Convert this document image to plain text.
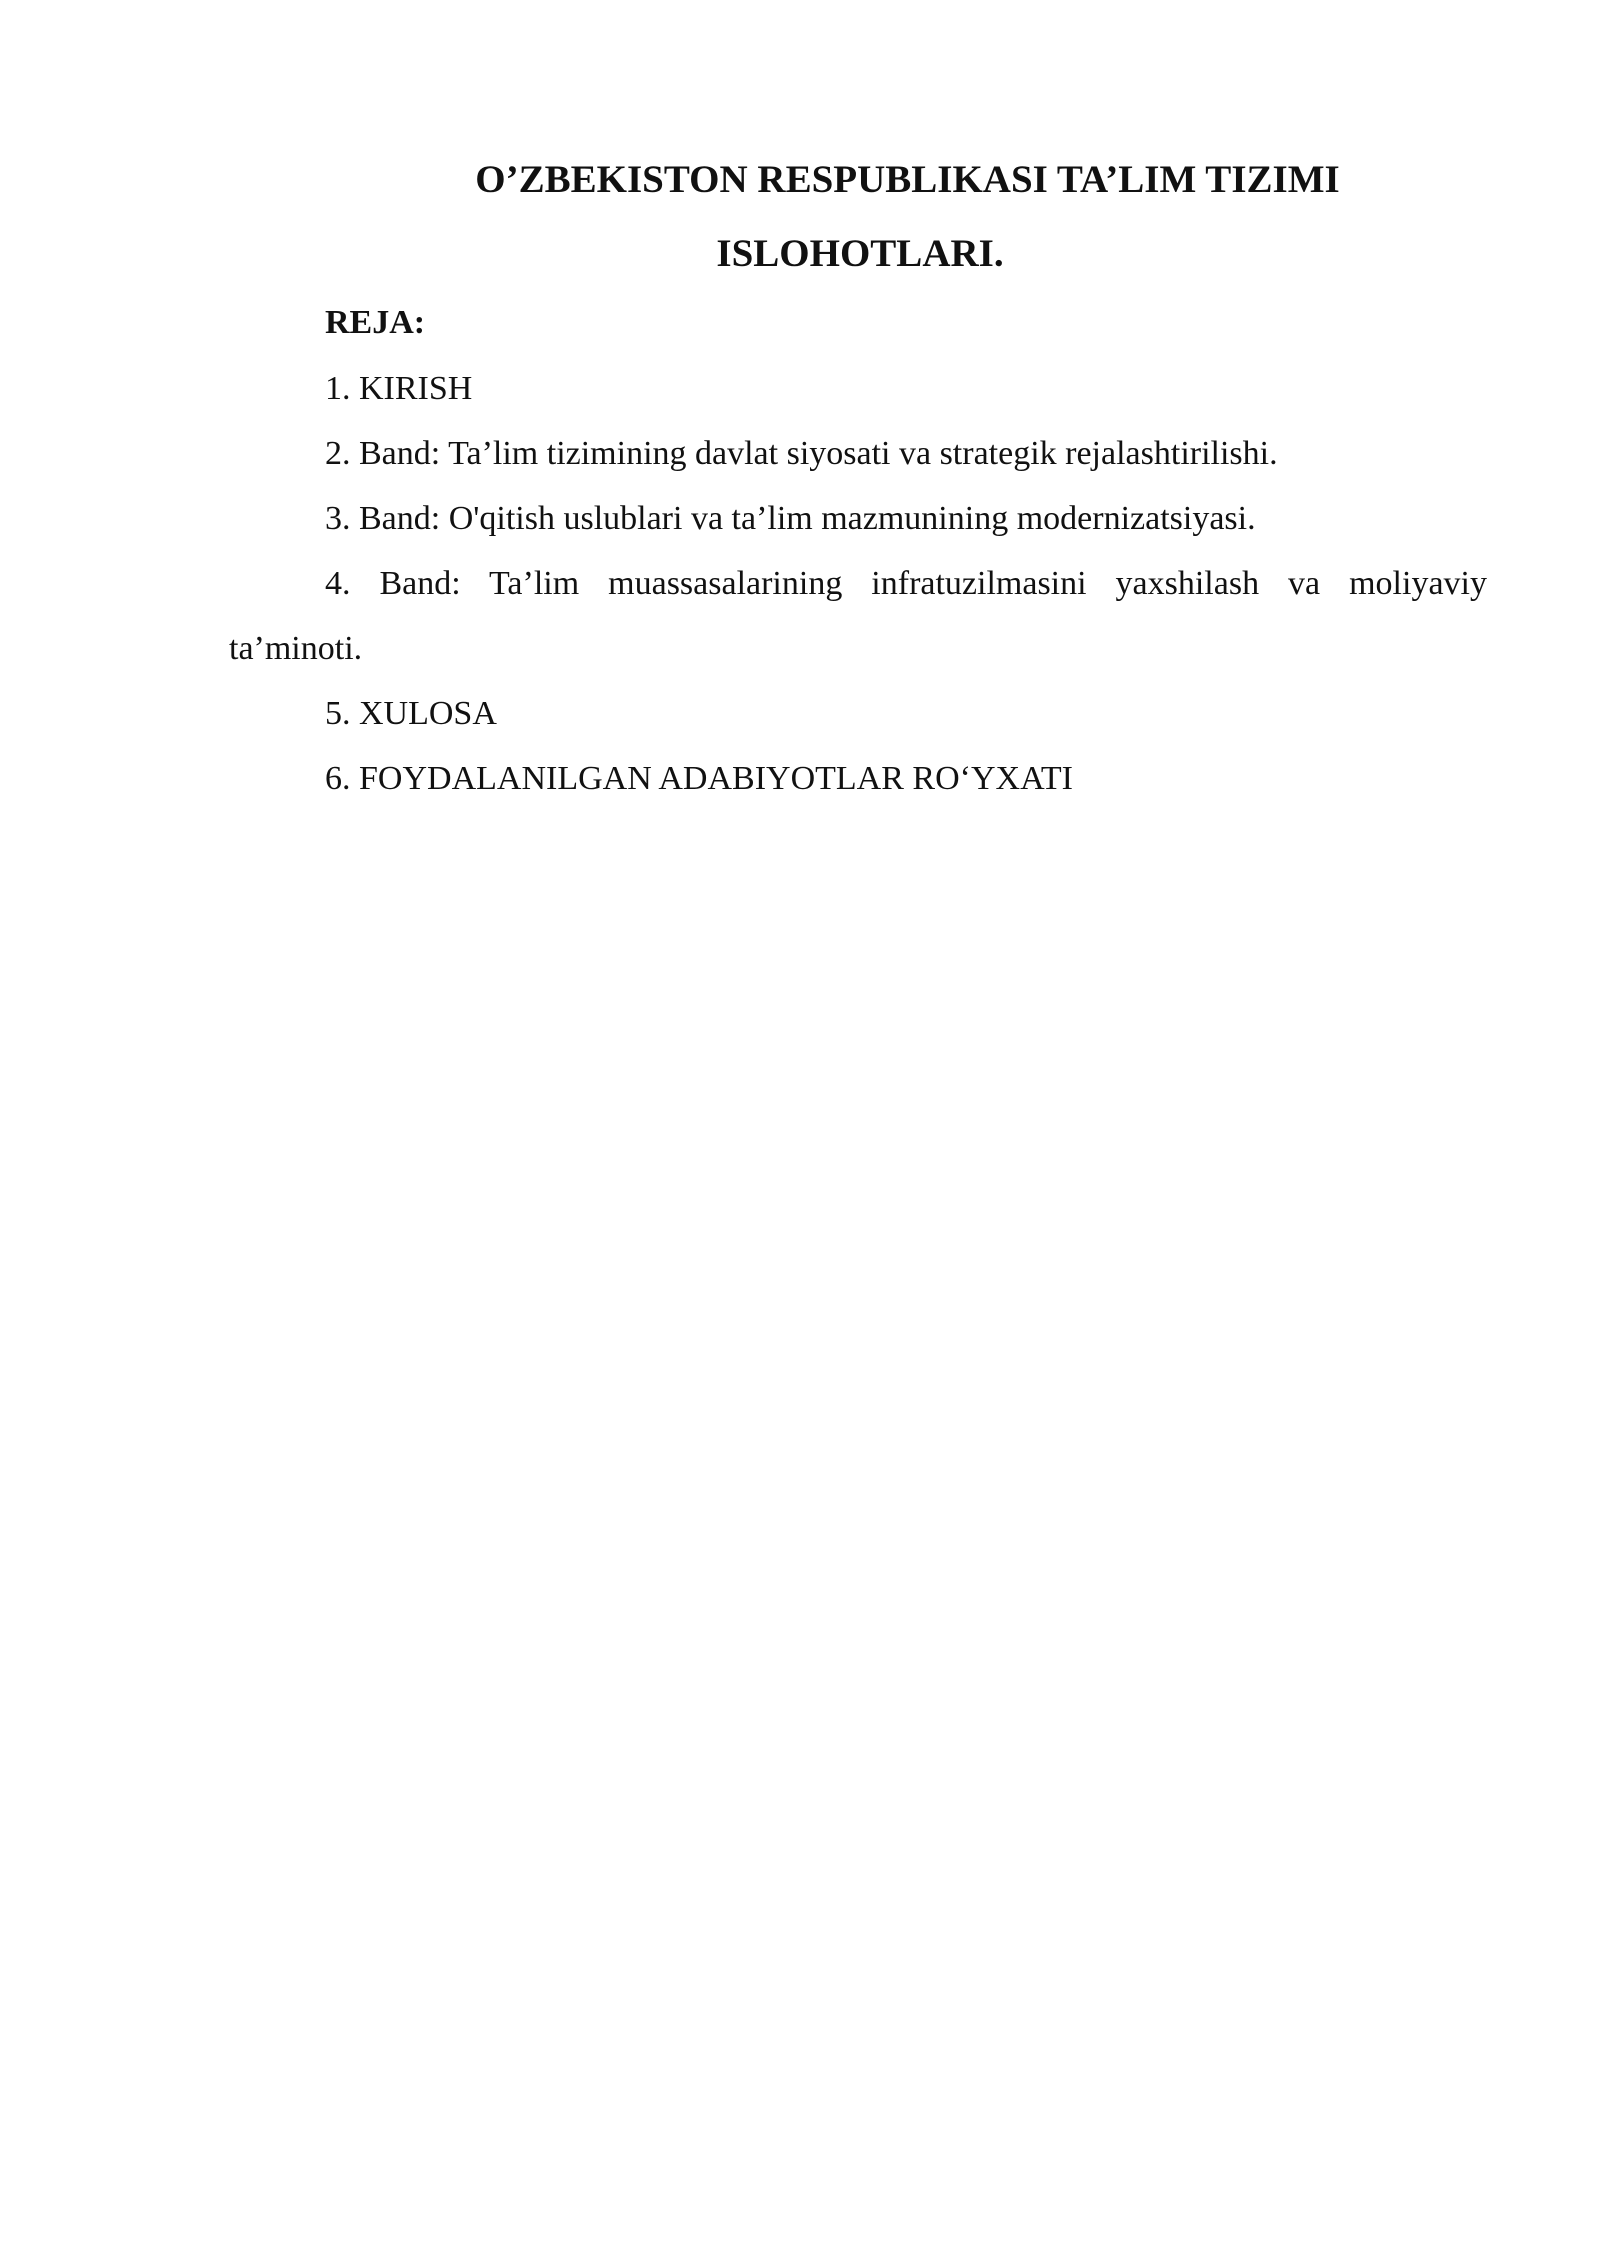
O’ZBEKISTON RESPUBLIKASI TA’LIM TIZIMI
ISLOHOTLARI.

REJA:

1. KIRISH

2. Band: Ta’lim tizimining davlat siyosati va strategik rejalashtirilishi.

3. Band: O'qitish uslublari va ta’lim mazmunining modernizatsiyasi.

4. Band: Ta’lim muassasalarining infratuzilmasini yaxshilash va moliyaviy

ta’minoti.

5. XULOSA

6. FOYDALANILGAN ADABIYOTLAR RO‘YXATI
